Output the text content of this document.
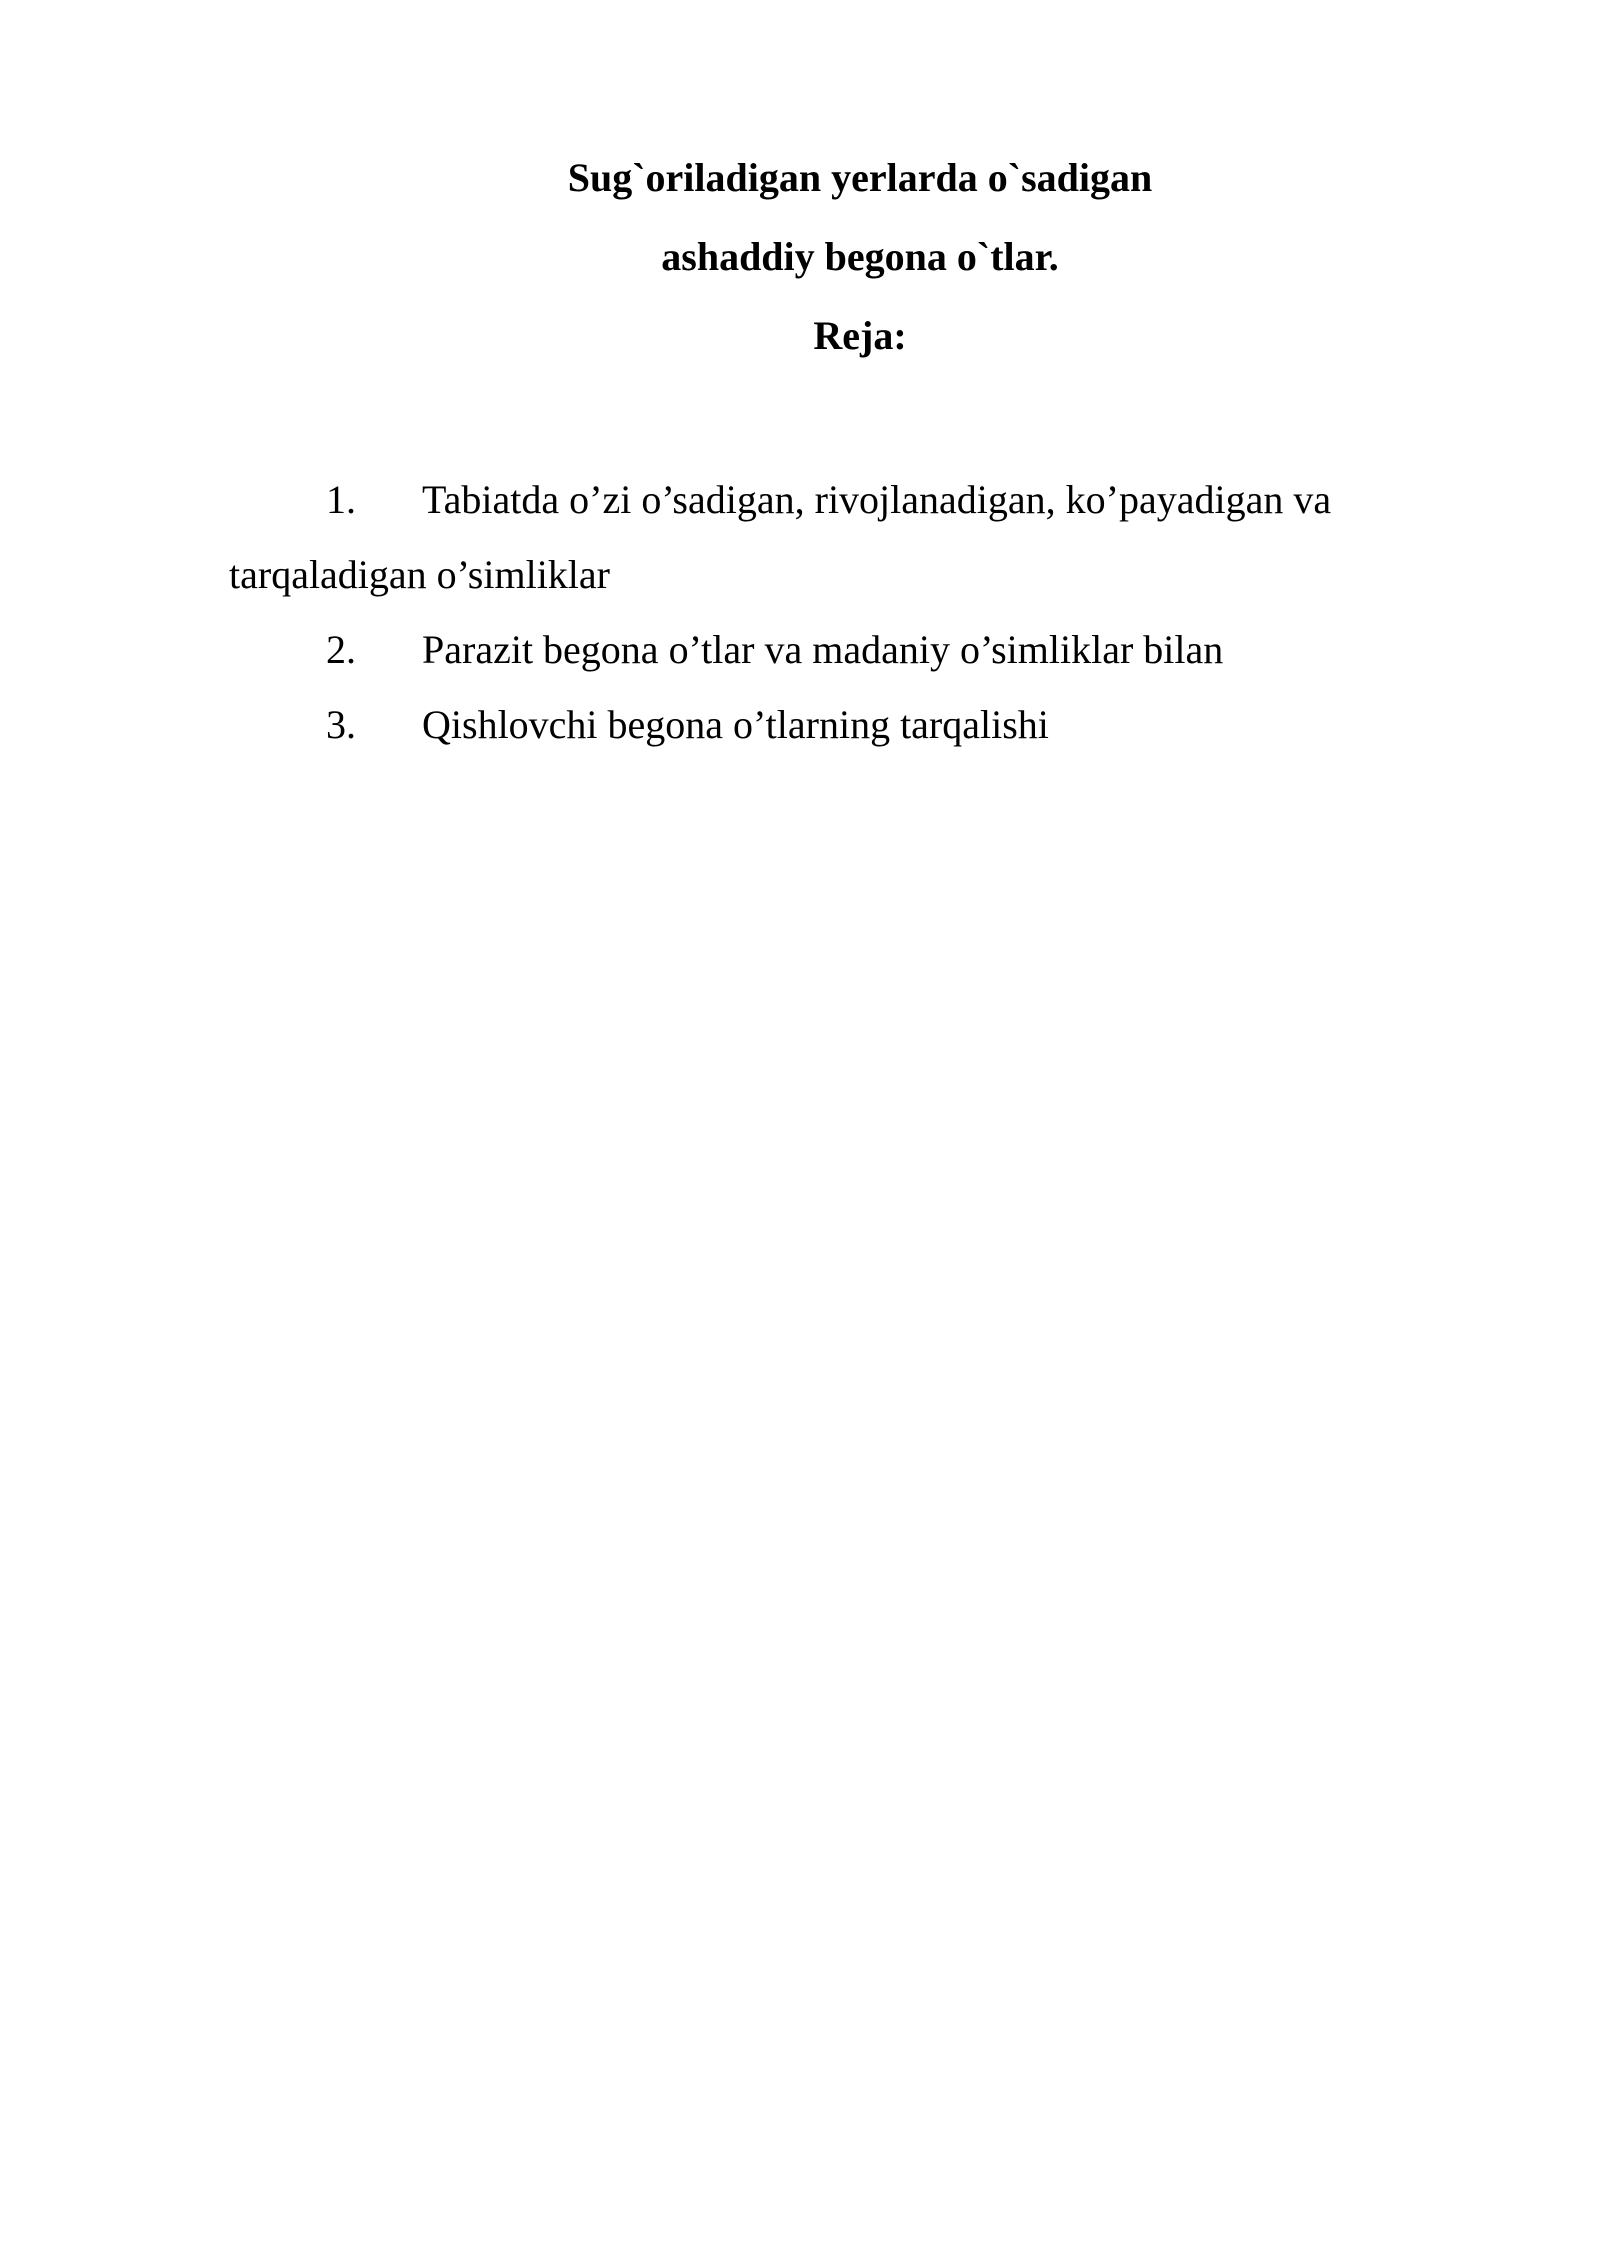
Sug`oriladigan yerlarda o`sadigan
ashaddiy begona o`tlar.
Reja:
1. Tabiatda o’zi o’sadigan, rivojlanadigan, ko’payadigan va tarqaladigan o’simliklar
2. Parazit begona o’tlar va madaniy o’simliklar bilan
3. Qishlovchi begona o’tlarning tarqalishi
